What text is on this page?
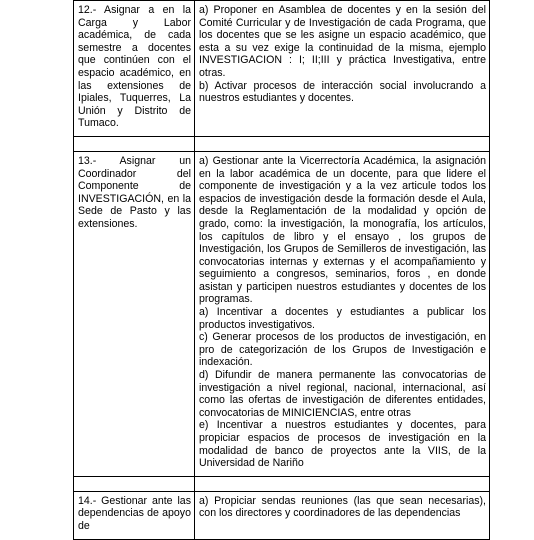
12.- Asignar a en la Carga y Labor académica, de cada semestre a docentes que continúen con el espacio académico, en las extensiones de Ipiales, Tuquerres, La Unión y Distrito de Tumaco.	a) Proponer en Asamblea de docentes y en la sesión del Comité Curricular y de Investigación de cada Programa, que los docentes que se les asigne un espacio académico, que esta a su vez exige la continuidad de la misma, ejemplo INVESTIGACION : I; II;III y práctica Investigativa, entre otras.

b) Activar procesos de interacción social involucrando a nuestros estudiantes y docentes.

13.- Asignar un Coordinador del Componente de INVESTIGACIÓN, en la Sede de Pasto y las extensiones.	a) Gestionar ante la Vicerrectoría Académica, la asignación en la labor académica de un docente, para que lidere el componente de investigación y a la vez articule todos los espacios de investigación desde la formación desde el Aula, desde la Reglamentación de la modalidad y opción de grado, como: la investigación, la monografía, los artículos, los capítulos de libro y el ensayo , los grupos de Investigación, los Grupos de Semilleros de investigación, las convocatorias internas y externas y el acompañamiento y seguimiento a congresos, seminarios, foros , en donde asistan y participen nuestros estudiantes y docentes de los programas.

a) Incentivar a docentes y estudiantes a publicar los productos investigativos.

c) Generar procesos de los productos de investigación, en pro de categorización de los Grupos de Investigación e indexación.

d) Difundir de manera permanente las convocatorias de investigación a nivel regional, nacional, internacional, así como las ofertas de investigación de diferentes entidades, convocatorias de MINICIENCIAS, entre otras

e) Incentivar a nuestros estudiantes y docentes, para propiciar espacios de procesos de investigación en la modalidad de banco de proyectos ante la VIIS, de la Universidad de Nariño

14.- Gestionar ante las dependencias de apoyo de	a) Propiciar sendas reuniones (las que sean necesarias), con los directores y coordinadores de las dependencias
